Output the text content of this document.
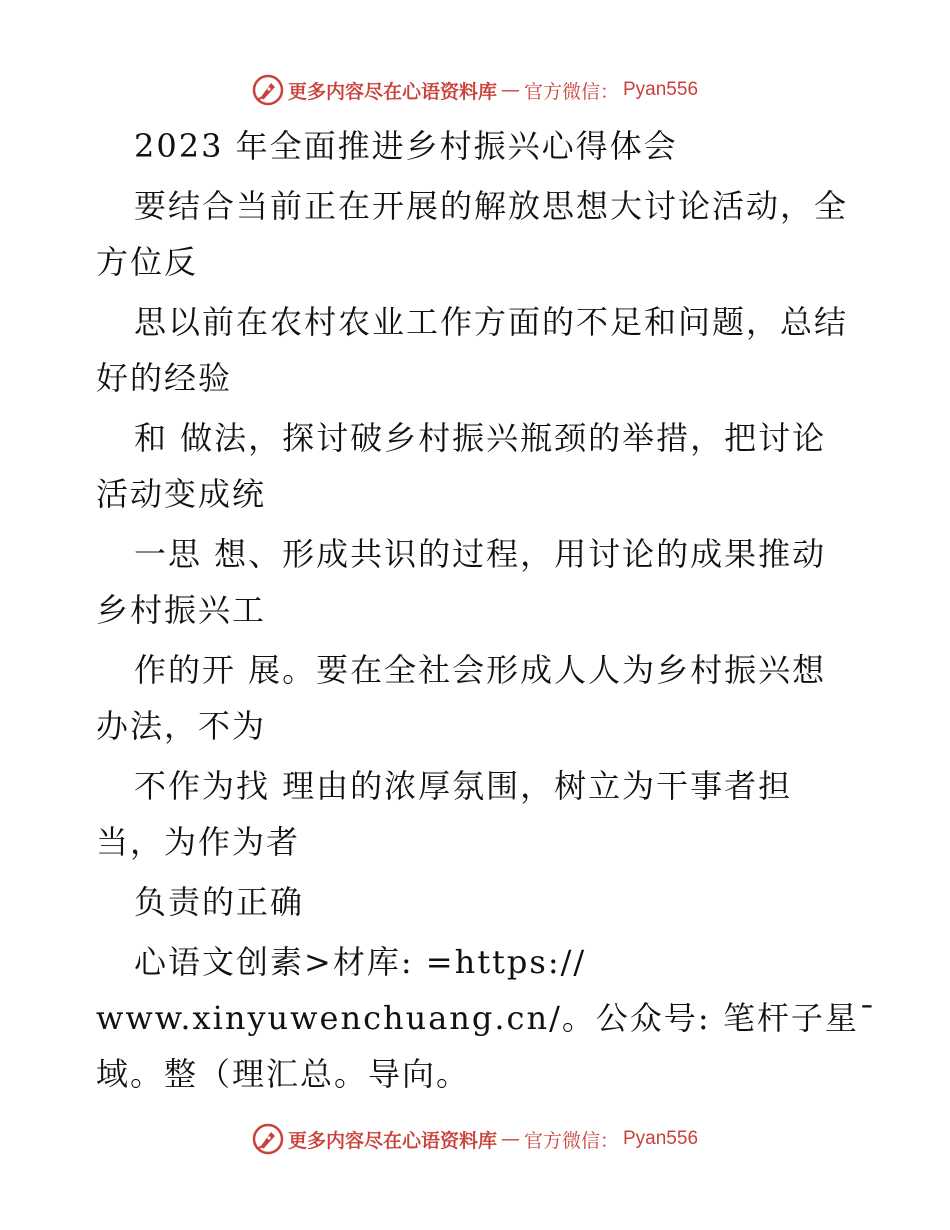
更多内容尽在心语资料库 — 官方微信： Pyan556
2023 年全面推进乡村振兴心得体会
要结合当前正在开展的解放思想大讨论活动，全
方位反
思以前在农村农业工作方面的不足和问题，总结
好的经验
和 做法，探讨破乡村振兴瓶颈的举措，把讨论
活动变成统
一思 想、形成共识的过程，用讨论的成果推动
乡村振兴工
作的开 展。要在全社会形成人人为乡村振兴想
办法，不为
不作为找 理由的浓厚氛围，树立为干事者担
当，为作为者
负责的正确
心语文创素>材库: =https://
www.xinyuwenchuang.cn/。公众号: 笔杆子星¯
域。整（理汇总。导向。
更多内容尽在心语资料库 — 官方微信： Pyan556
